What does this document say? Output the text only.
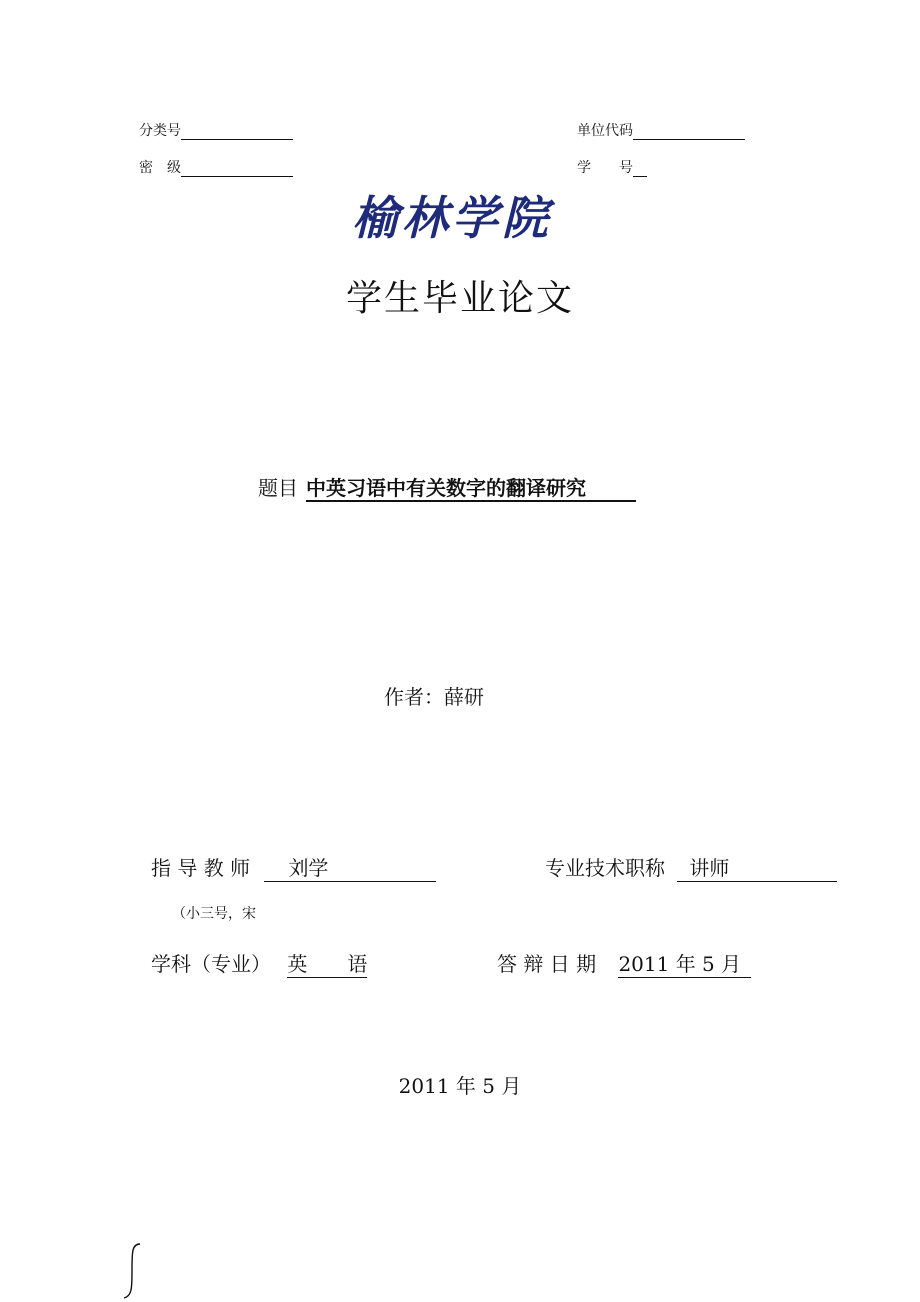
分类号	单位代码
密　级	学　　号
榆林学院
学生毕业论文
题目 中英习语中有关数字的翻译研究
作者：薛研
指 导 教 师 刘学	专业技术职称 讲师
（小三号，宋
学科（专业） 英　　语	答 辩 日 期 2011 年 5 月
2011 年 5 月
